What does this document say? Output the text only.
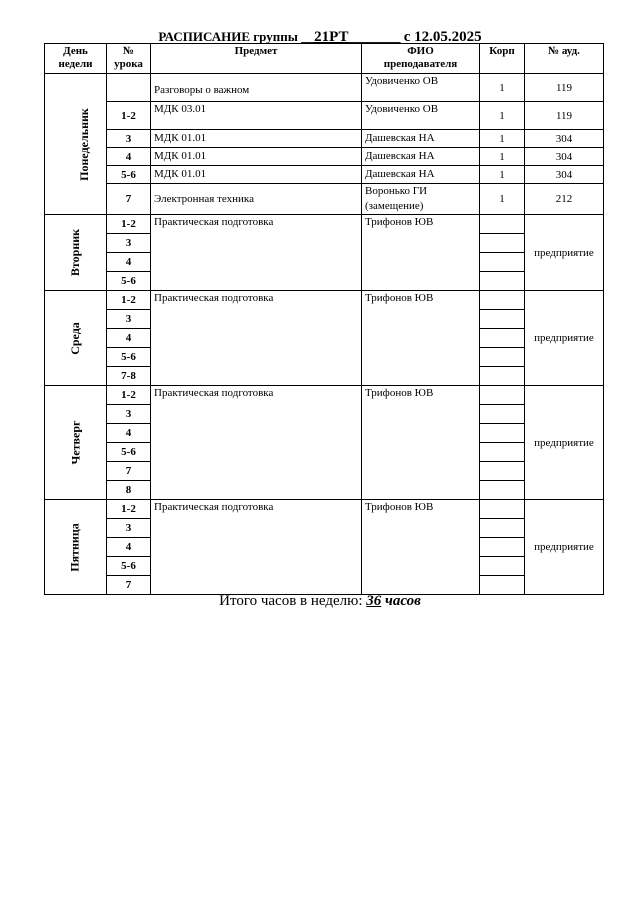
РАСПИСАНИЕ группы __21РТ________ с 12.05.2025
День
недели	№
урока	Предмет	ФИО
преподавателя	Корп	№ ауд.
Понедельник		Разговоры о важном	Удовиченко ОВ	1	119
	1-2	МДК 03.01	Удовиченко ОВ	1	119
	3	МДК 01.01	Дашевская НА	1	304
	4	МДК 01.01	Дашевская НА	1	304
	5-6	МДК 01.01	Дашевская НА	1	304
	7	Электронная техника	Воронько ГИ
(замещение)	1	212
Вторник	1-2	Практическая подготовка	Трифонов ЮВ		предприятие
	3				
	4				
	5-6				
Среда	1-2	Практическая подготовка	Трифонов ЮВ		предприятие
	3				
	4				
	5-6				
	7-8				
Четверг	1-2	Практическая подготовка	Трифонов ЮВ		предприятие
	3				
	4				
	5-6				
	7				
	8				
Пятница	1-2	Практическая подготовка	Трифонов ЮВ		предприятие
	3				
	4				
	5-6				
	7				
Итого часов в неделю: 36 часов
